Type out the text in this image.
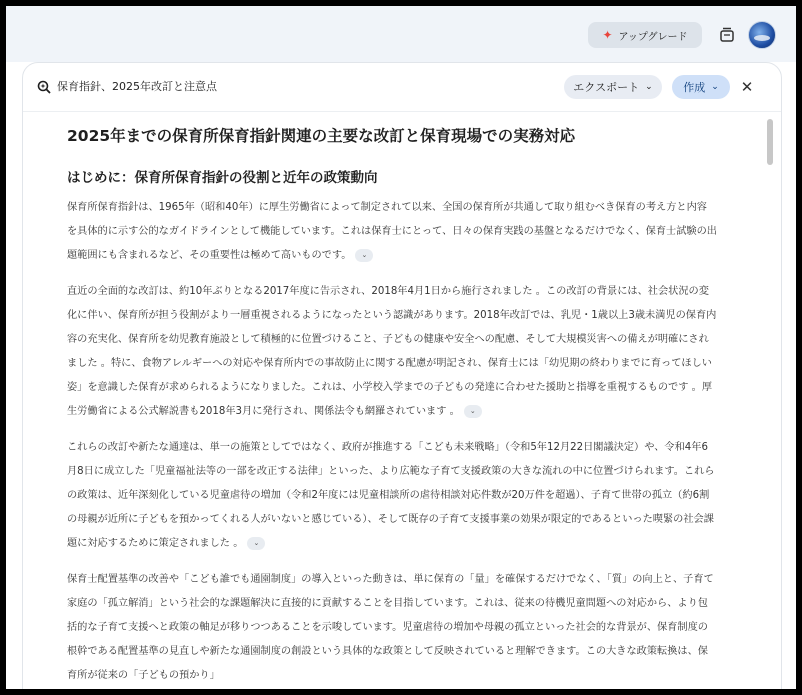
✦ アップグレード
保育指針、2025年改訂と注意点	エクスポート ⌄	作成 ⌄ ✕
2025年までの保育所保育指針関連の主要な改訂と保育現場での実務対応
はじめに：保育所保育指針の役割と近年の政策動向

保育所保育指針は、1965年（昭和40年）に厚生労働省によって制定されて以来、全国の保育所が共通して取り組むべき保育の考え方と内容を具体的に示す公的なガイドラインとして機能しています。これは保育士にとって、日々の保育実践の基盤となるだけでなく、保育士試験の出題範囲にも含まれるなど、その重要性は極めて高いものです。 ⌄

直近の全面的な改訂は、約10年ぶりとなる2017年度に告示され、2018年4月1日から施行されました 。この改訂の背景には、社会状況の変化に伴い、保育所が担う役割がより一層重視されるようになったという認識があります。2018年改訂では、乳児・1歳以上3歳未満児の保育内容の充実化、保育所を幼児教育施設として積極的に位置づけること、子どもの健康や安全への配慮、そして大規模災害への備えが明確にされました 。特に、食物アレルギーへの対応や保育所内での事故防止に関する配慮が明記され、保育士には「幼児期の終わりまでに育ってほしい姿」を意識した保育が求められるようになりました。これは、小学校入学までの子どもの発達に合わせた援助と指導を重視するものです 。厚生労働省による公式解説書も2018年3月に発行され、関係法令も網羅されています 。 ⌄

これらの改訂や新たな通達は、単一の施策としてではなく、政府が推進する「こども未来戦略」（令和5年12月22日閣議決定）や、令和4年6月8日に成立した「児童福祉法等の一部を改正する法律」といった、より広範な子育て支援政策の大きな流れの中に位置づけられます。これらの政策は、近年深刻化している児童虐待の増加（令和2年度には児童相談所の虐待相談対応件数が20万件を超過）、子育て世帯の孤立（約6割の母親が近所に子どもを預かってくれる人がいないと感じている）、そして既存の子育て支援事業の効果が限定的であるといった喫緊の社会課題に対応するために策定されました 。 ⌄

保育士配置基準の改善や「こども誰でも通園制度」の導入といった動きは、単に保育の「量」を確保するだけでなく、「質」の向上と、子育て家庭の「孤立解消」という社会的な課題解決に直接的に貢献することを目指しています。これは、従来の待機児童問題への対応から、より包括的な子育て支援へと政策の軸足が移りつつあることを示唆しています。児童虐待の増加や母親の孤立といった社会的な背景が、保育制度の根幹である配置基準の見直しや新たな通園制度の創設という具体的な政策として反映されていると理解できます。この大きな政策転換は、保育所が従来の「子どもの預かり」
